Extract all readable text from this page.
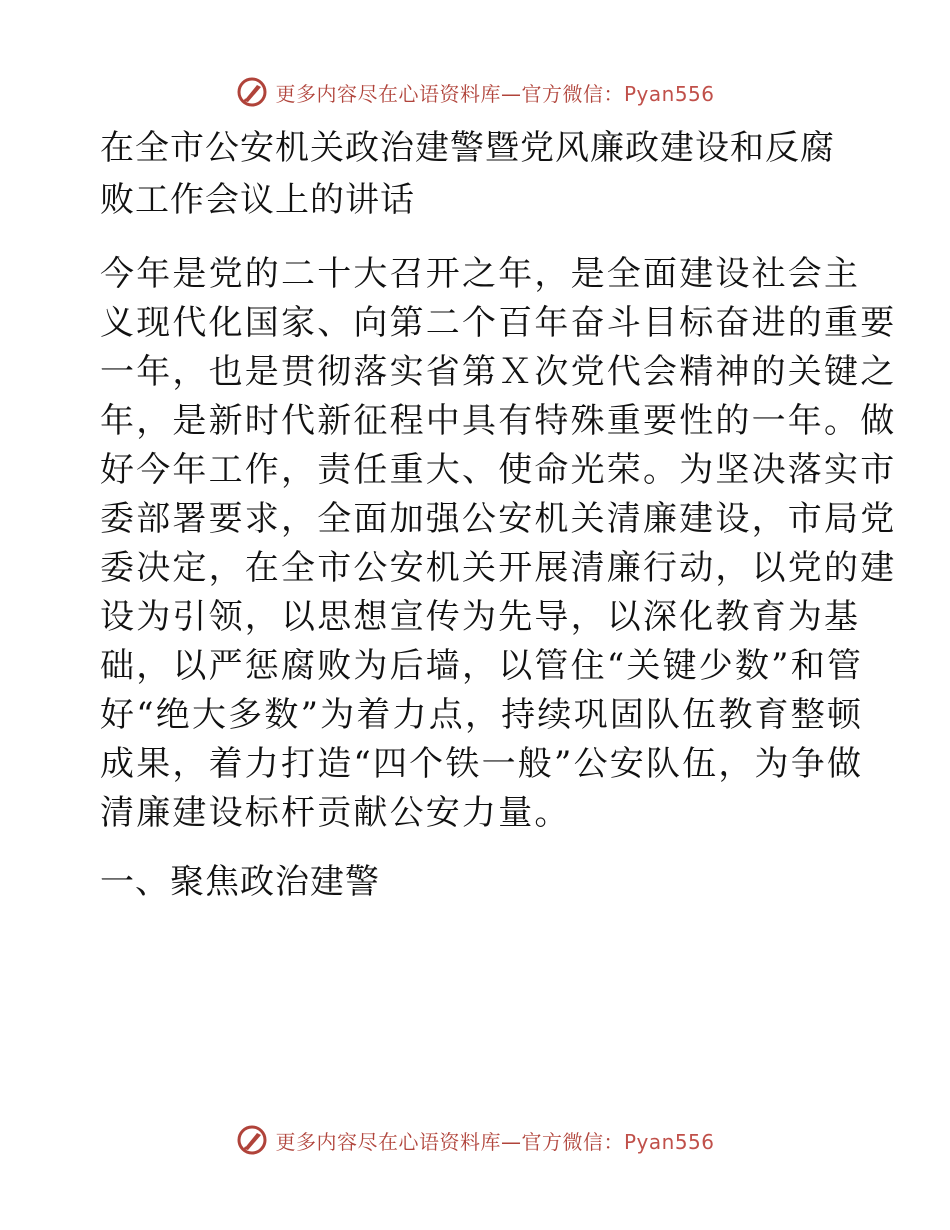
更多内容尽在心语资料库—官方微信：Pyan556
在全市公安机关政治建警暨党风廉政建设和反腐
败工作会议上的讲话

今年是党的二十大召开之年，是全面建设社会主
义现代化国家、向第二个百年奋斗目标奋进的重要
一年，也是贯彻落实省第Ｘ次党代会精神的关键之
年，是新时代新征程中具有特殊重要性的一年。做
好今年工作，责任重大、使命光荣。为坚决落实市
委部署要求，全面加强公安机关清廉建设，市局党
委决定，在全市公安机关开展清廉行动，以党的建
设为引领，以思想宣传为先导，以深化教育为基
础，以严惩腐败为后墙，以管住“关键少数”和管
好“绝大多数”为着力点，持续巩固队伍教育整顿
成果，着力打造“四个铁一般”公安队伍，为争做
清廉建设标杆贡献公安力量。

一、聚焦政治建警
更多内容尽在心语资料库—官方微信：Pyan556
